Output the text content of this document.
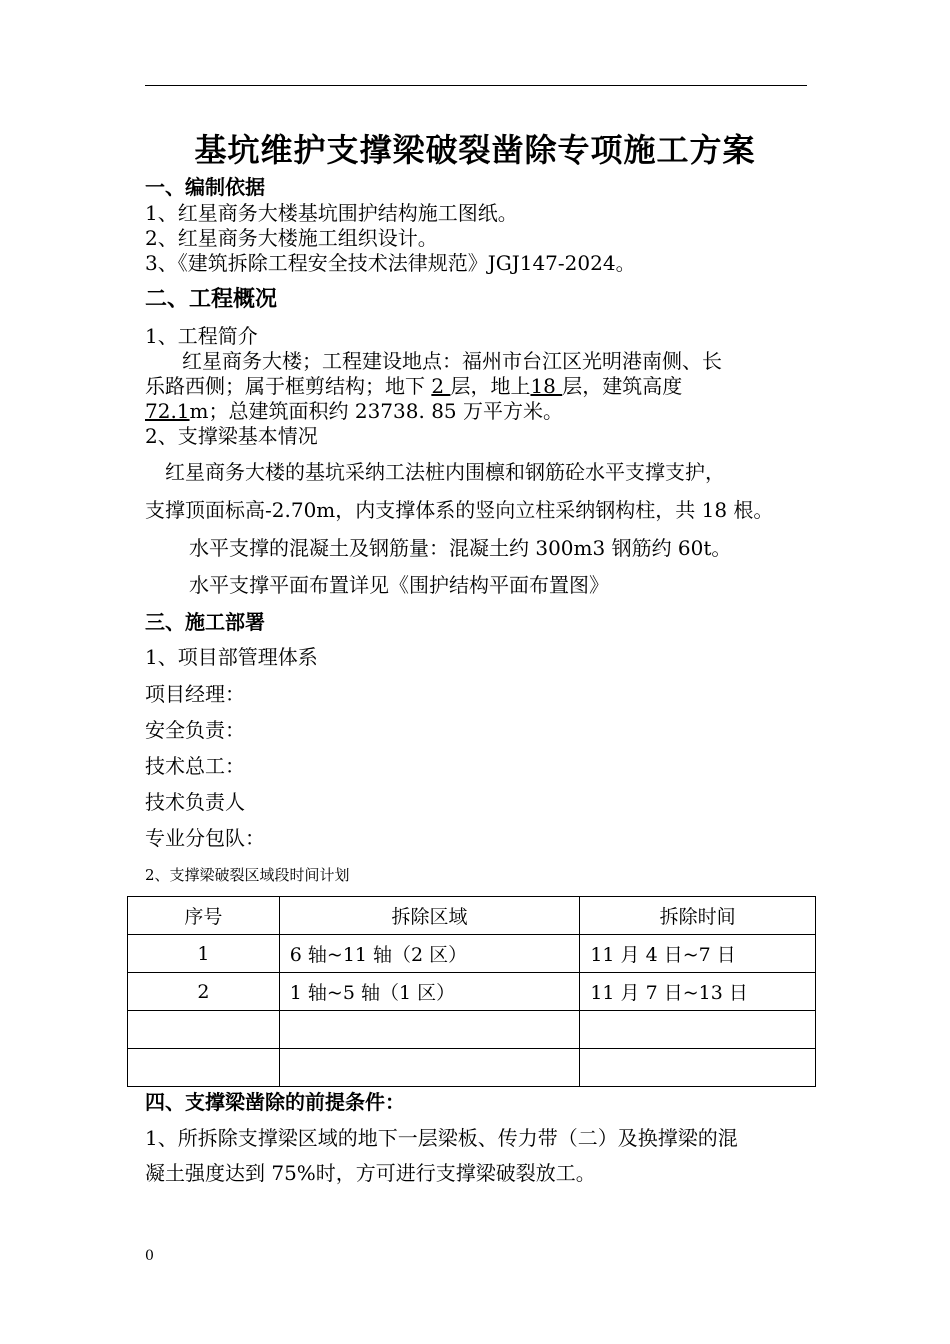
基坑维护支撑梁破裂凿除专项施工方案
一、编制依据
1、红星商务大楼基坑围护结构施工图纸。
2、红星商务大楼施工组织设计。
3、《建筑拆除工程安全技术法律规范》JGJ147-2024。
二、工程概况
1、工程简介
红星商务大楼；工程建设地点：福州市台江区光明港南侧、长
乐路西侧；属于框剪结构；地下 2 层，地上18 层，建筑高度
72.1m；总建筑面积约 23738. 85 万平方米。
2、支撑梁基本情况
红星商务大楼的基坑采纳工法桩内围檩和钢筋砼水平支撑支护，
支撑顶面标高-2.70m，内支撑体系的竖向立柱采纳钢构柱，共 18 根。
水平支撑的混凝土及钢筋量：混凝土约 300m3 钢筋约 60t。
水平支撑平面布置详见《围护结构平面布置图》
三、施工部署
1、项目部管理体系
项目经理：
安全负责：
技术总工：
技术负责人
专业分包队：
2、支撑梁破裂区域段时间计划
序号	拆除区域	拆除时间
1	6 轴~11 轴（2 区）	11 月 4 日~7 日
2	1 轴~5 轴（1 区）	11 月 7 日~13 日

四、支撑梁凿除的前提条件：
1、所拆除支撑梁区域的地下一层梁板、传力带（二）及换撑梁的混
凝土强度达到 75%时，方可进行支撑梁破裂放工。
0
